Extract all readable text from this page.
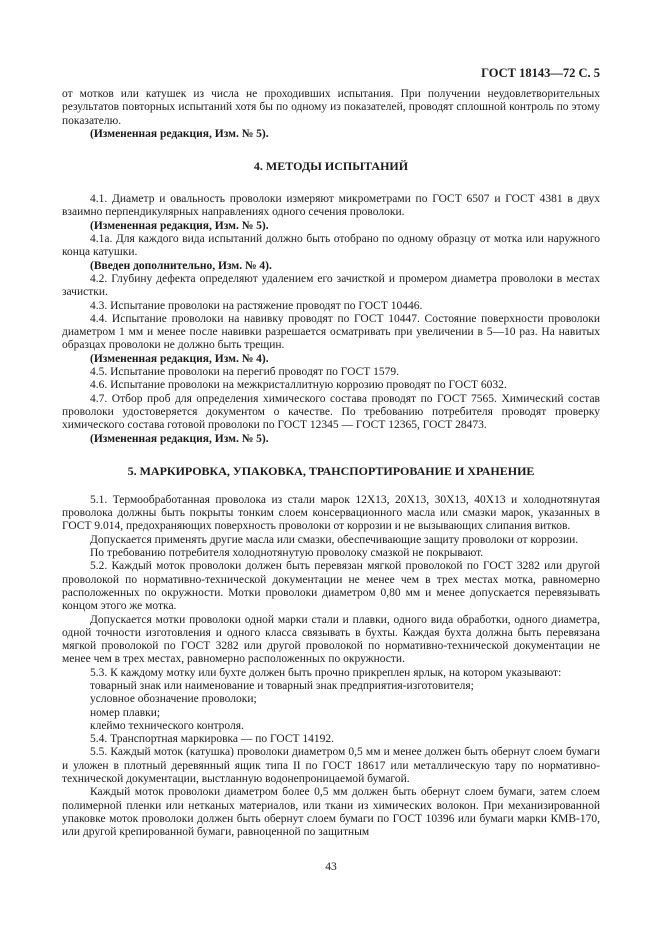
ГОСТ 18143—72 С. 5

от мотков или катушек из числа не проходивших испытания. При получении неудовлетворительных результатов повторных испытаний хотя бы по одному из показателей, проводят сплошной контроль по этому показателю.

(Измененная редакция, Изм. № 5).

4. МЕТОДЫ ИСПЫТАНИЙ

4.1. Диаметр и овальность проволоки измеряют микрометрами по ГОСТ 6507 и ГОСТ 4381 в двух взаимно перпендикулярных направлениях одного сечения проволоки.

(Измененная редакция, Изм. № 5).

4.1а. Для каждого вида испытаний должно быть отобрано по одному образцу от мотка или наружного конца катушки.

(Введен дополнительно, Изм. № 4).

4.2. Глубину дефекта определяют удалением его зачисткой и промером диаметра проволоки в местах зачистки.

4.3. Испытание проволоки на растяжение проводят по ГОСТ 10446.

4.4. Испытание проволоки на навивку проводят по ГОСТ 10447. Состояние поверхности проволоки диаметром 1 мм и менее после навивки разрешается осматривать при увеличении в 5—10 раз. На навитых образцах проволоки не должно быть трещин.

(Измененная редакция, Изм. № 4).

4.5. Испытание проволоки на перегиб проводят по ГОСТ 1579.

4.6. Испытание проволоки на межкристаллитную коррозию проводят по ГОСТ 6032.

4.7. Отбор проб для определения химического состава проводят по ГОСТ 7565. Химический состав проволоки удостоверяется документом о качестве. По требованию потребителя проводят проверку химического состава готовой проволоки по ГОСТ 12345 — ГОСТ 12365, ГОСТ 28473.

(Измененная редакция, Изм. № 5).

5. МАРКИРОВКА, УПАКОВКА, ТРАНСПОРТИРОВАНИЕ И ХРАНЕНИЕ

5.1. Термообработанная проволока из стали марок 12Х13, 20Х13, 30Х13, 40Х13 и холоднотянутая проволока должны быть покрыты тонким слоем консервационного масла или смазки марок, указанных в ГОСТ 9.014, предохраняющих поверхность проволоки от коррозии и не вызывающих слипания витков.

Допускается применять другие масла или смазки, обеспечивающие защиту проволоки от коррозии.

По требованию потребителя холоднотянутую проволоку смазкой не покрывают.

5.2. Каждый моток проволоки должен быть перевязан мягкой проволокой по ГОСТ 3282 или другой проволокой по нормативно-технической документации не менее чем в трех местах мотка, равномерно расположенных по окружности. Мотки проволоки диаметром 0,80 мм и менее допускается перевязывать концом этого же мотка.

Допускается мотки проволоки одной марки стали и плавки, одного вида обработки, одного диаметра, одной точности изготовления и одного класса связывать в бухты. Каждая бухта должна быть перевязана мягкой проволокой по ГОСТ 3282 или другой проволокой по нормативно-технической документации не менее чем в трех местах, равномерно расположенных по окружности.

5.3. К каждому мотку или бухте должен быть прочно прикреплен ярлык, на котором указывают:

товарный знак или наименование и товарный знак предприятия-изготовителя;

условное обозначение проволоки;

номер плавки;

клеймо технического контроля.

5.4. Транспортная маркировка — по ГОСТ 14192.

5.5. Каждый моток (катушка) проволоки диаметром 0,5 мм и менее должен быть обернут слоем бумаги и уложен в плотный деревянный ящик типа II по ГОСТ 18617 или металлическую тару по нормативно-технической документации, выстланную водонепроницаемой бумагой.

Каждый моток проволоки диаметром более 0,5 мм должен быть обернут слоем бумаги, затем слоем полимерной пленки или нетканых материалов, или ткани из химических волокон. При механизированной упаковке моток проволоки должен быть обернут слоем бумаги по ГОСТ 10396 или бумаги марки КМВ-170, или другой крепированной бумаги, равноценной по защитным

43
